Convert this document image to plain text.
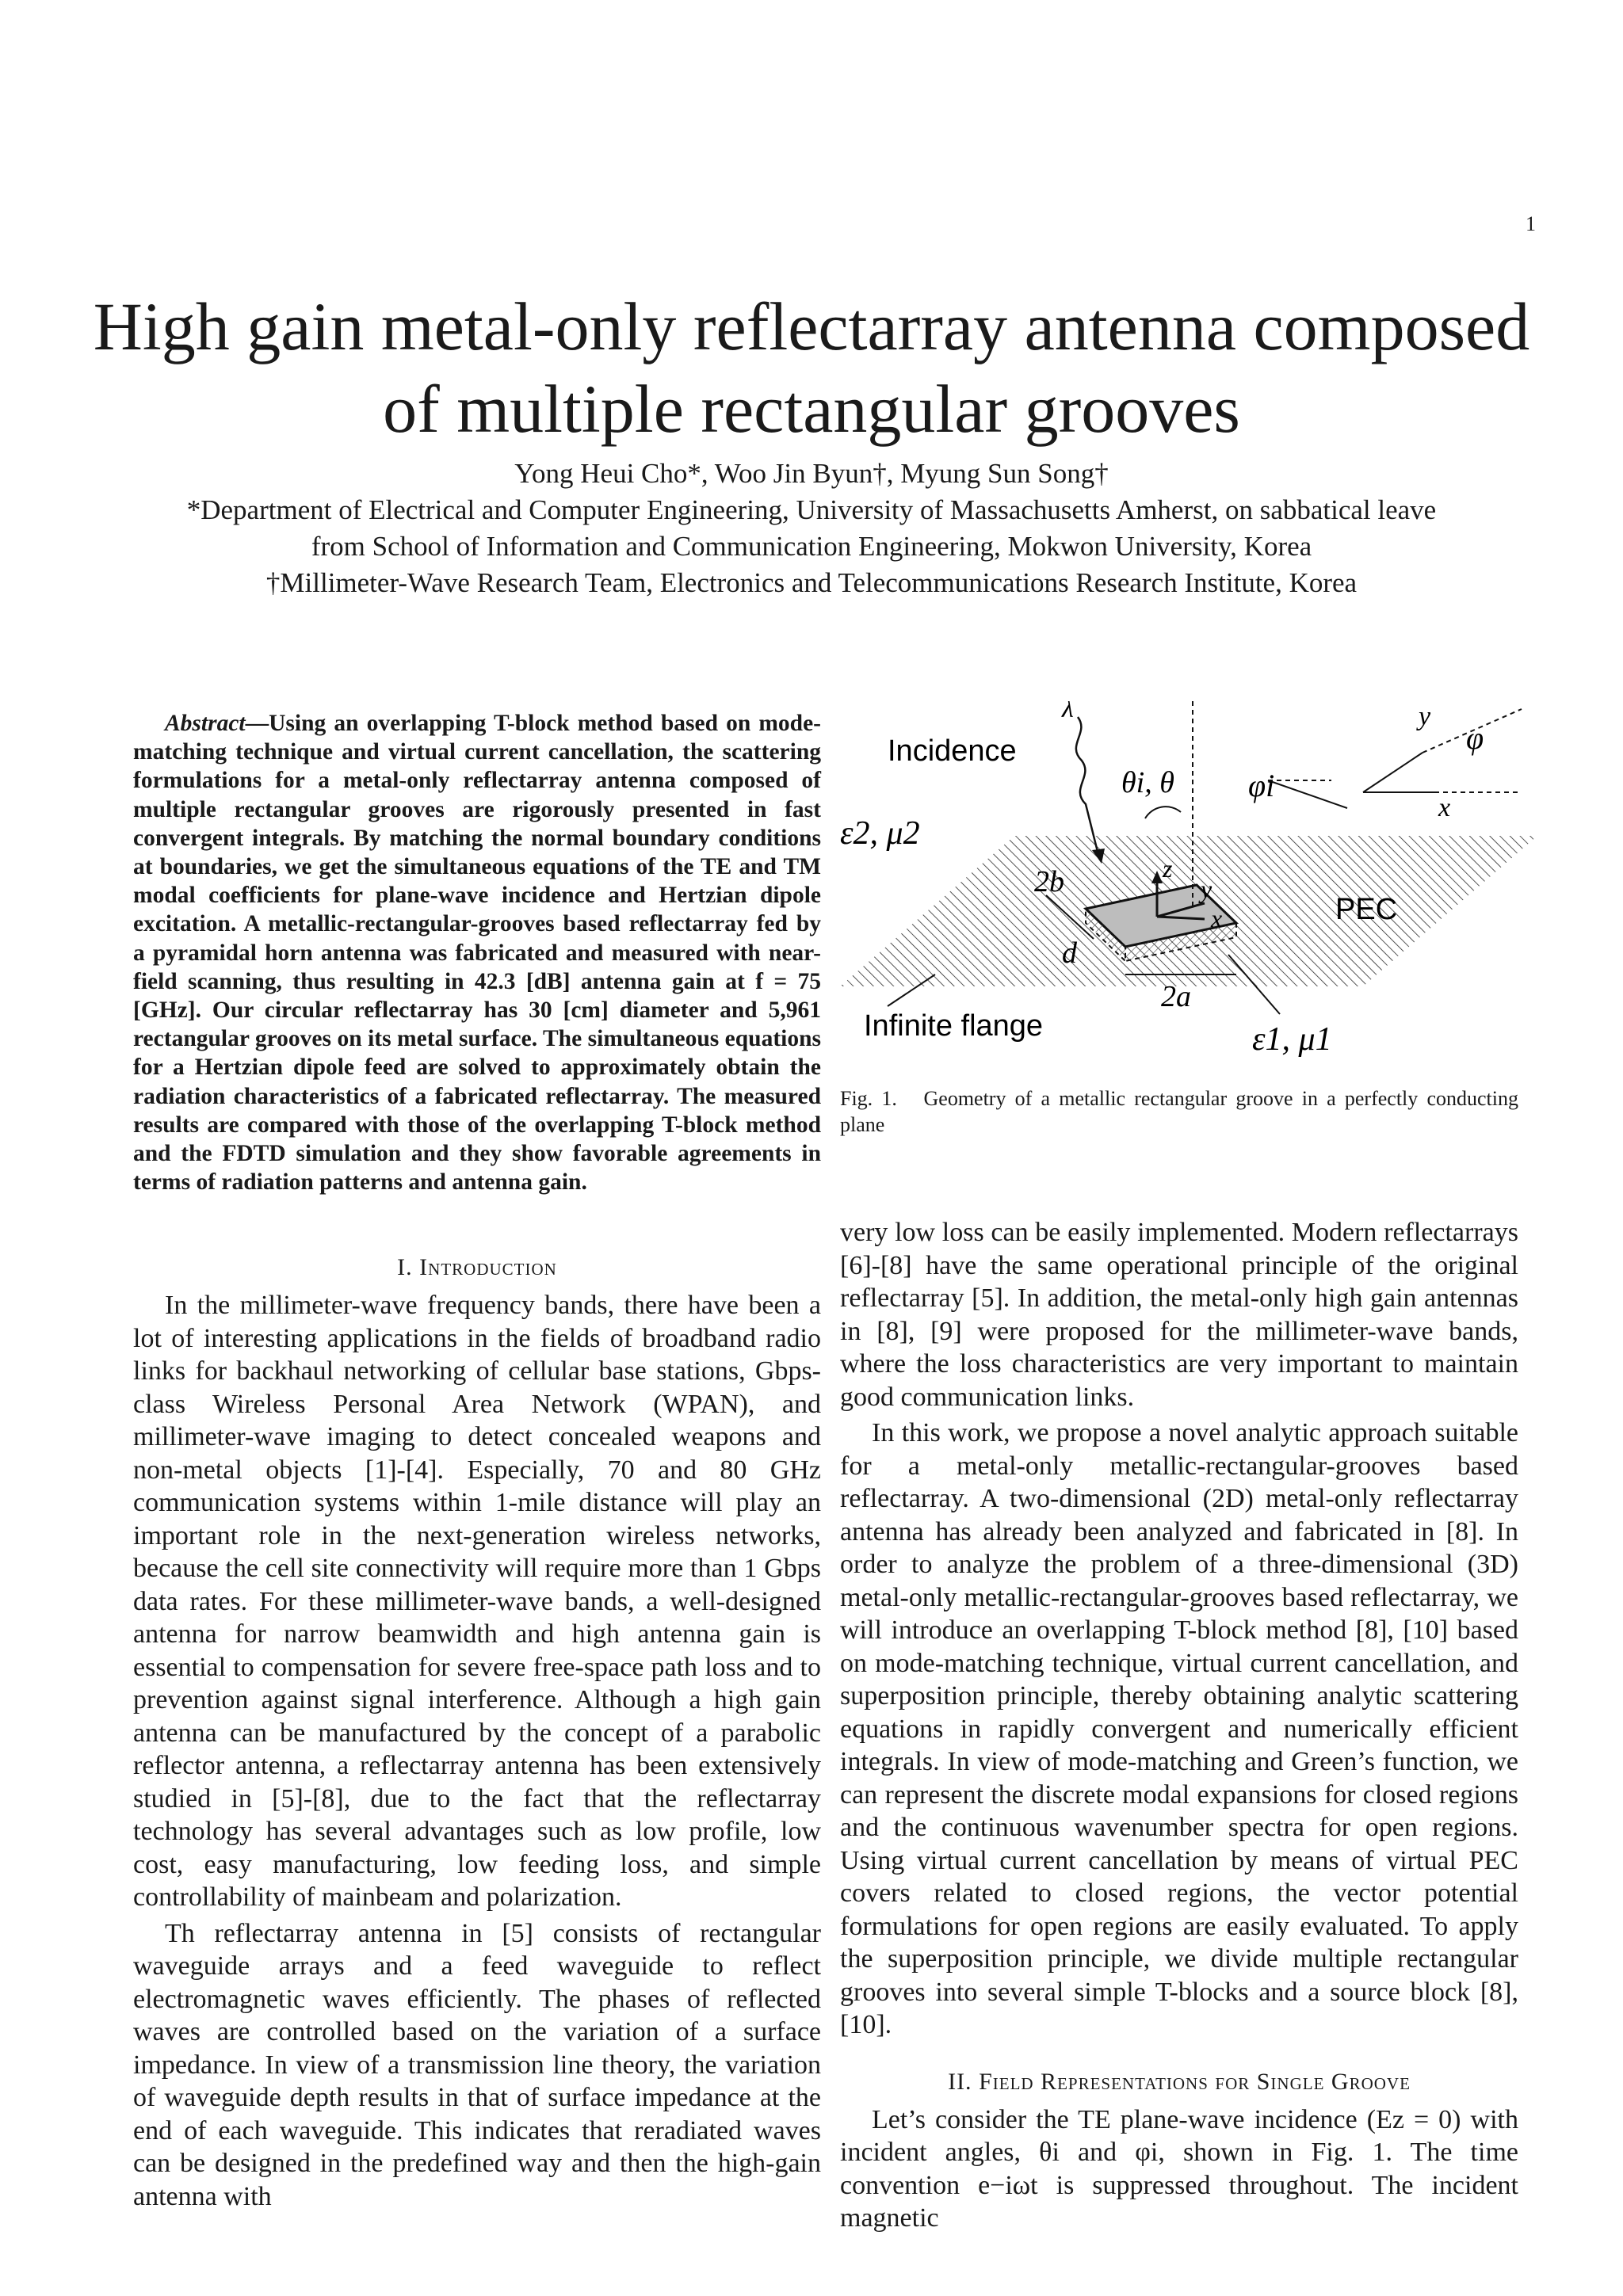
1
High gain metal-only reflectarray antenna composed of multiple rectangular grooves
Yong Heui Cho*, Woo Jin Byun†, Myung Sun Song†
*Department of Electrical and Computer Engineering, University of Massachusetts Amherst, on sabbatical leave
from School of Information and Communication Engineering, Mokwon University, Korea
†Millimeter-Wave Research Team, Electronics and Telecommunications Research Institute, Korea

Abstract—Using an overlapping T-block method based on mode-matching technique and virtual current cancellation, the scattering formulations for a metal-only reflectarray antenna composed of multiple rectangular grooves are rigorously presented in fast convergent integrals. By matching the normal boundary conditions at boundaries, we get the simultaneous equations of the TE and TM modal coefficients for plane-wave incidence and Hertzian dipole excitation. A metallic-rectangular-grooves based reflectarray fed by a pyramidal horn antenna was fabricated and measured with near-field scanning, thus resulting in 42.3 [dB] antenna gain at f = 75 [GHz]. Our circular reflectarray has 30 [cm] diameter and 5,961 rectangular grooves on its metal surface. The simultaneous equations for a Hertzian dipole feed are solved to approximately obtain the radiation characteristics of a fabricated reflectarray. The measured results are compared with those of the overlapping T-block method and the FDTD simulation and they show favorable agreements in terms of radiation patterns and antenna gain.

I. Introduction

In the millimeter-wave frequency bands, there have been a lot of interesting applications in the fields of broadband radio links for backhaul networking of cellular base stations, Gbps-class Wireless Personal Area Network (WPAN), and millimeter-wave imaging to detect concealed weapons and non-metal objects [1]-[4]. Especially, 70 and 80 GHz communication systems within 1-mile distance will play an important role in the next-generation wireless networks, because the cell site connectivity will require more than 1 Gbps data rates. For these millimeter-wave bands, a well-designed antenna for narrow beamwidth and high antenna gain is essential to compensation for severe free-space path loss and to prevention against signal interference. Although a high gain antenna can be manufactured by the concept of a parabolic reflector antenna, a reflectarray antenna has been extensively studied in [5]-[8], due to the fact that the reflectarray technology has several advantages such as low profile, low cost, easy manufacturing, low feeding loss, and simple controllability of mainbeam and polarization.

Th reflectarray antenna in [5] consists of rectangular waveguide arrays and a feed waveguide to reflect electromagnetic waves efficiently. The phases of reflected waves are controlled based on the variation of a surface impedance. In view of a transmission line theory, the variation of waveguide depth results in that of surface impedance at the end of each waveguide. This indicates that reradiated waves can be designed in the predefined way and then the high-gain antenna with

Incidence
ε2, μ2
λ
θi, θ φi
φ
x
y
z
y
x
2b
d
2a
PEC
Infinite flange	ε1, μ1

Fig. 1. Geometry of a metallic rectangular groove in a perfectly conducting plane

very low loss can be easily implemented. Modern reflectarrays [6]-[8] have the same operational principle of the original reflectarray [5]. In addition, the metal-only high gain antennas in [8], [9] were proposed for the millimeter-wave bands, where the loss characteristics are very important to maintain good communication links.

In this work, we propose a novel analytic approach suitable for a metal-only metallic-rectangular-grooves based reflectarray. A two-dimensional (2D) metal-only reflectarray antenna has already been analyzed and fabricated in [8]. In order to analyze the problem of a three-dimensional (3D) metal-only metallic-rectangular-grooves based reflectarray, we will introduce an overlapping T-block method [8], [10] based on mode-matching technique, virtual current cancellation, and superposition principle, thereby obtaining analytic scattering equations in rapidly convergent and numerically efficient integrals. In view of mode-matching and Green’s function, we can represent the discrete modal expansions for closed regions and the continuous wavenumber spectra for open regions. Using virtual current cancellation by means of virtual PEC covers related to closed regions, the vector potential formulations for open regions are easily evaluated. To apply the superposition principle, we divide multiple rectangular grooves into several simple T-blocks and a source block [8], [10].

II. Field Representations for Single Groove

Let’s consider the TE plane-wave incidence (Ez = 0) with incident angles, θi and φi, shown in Fig. 1. The time convention e−iωt is suppressed throughout. The incident magnetic
